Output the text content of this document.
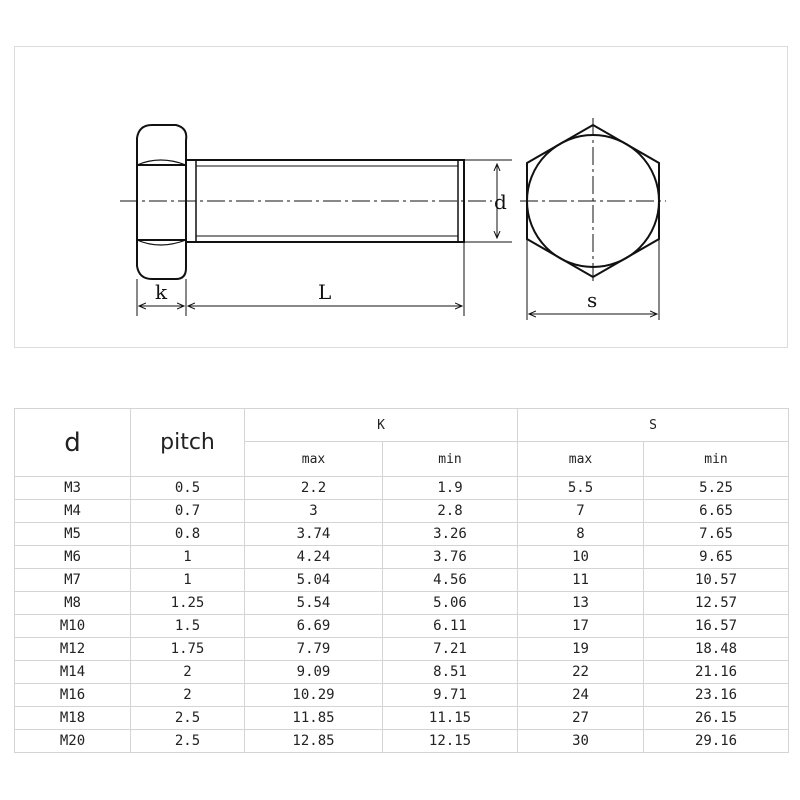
d
k	L	s
d	pitch	K		S	
		max	min	max	min
M3	0.5	2.2	1.9	5.5	5.25
M4	0.7	3	2.8	7	6.65
M5	0.8	3.74	3.26	8	7.65
M6	1	4.24	3.76	10	9.65
M7	1	5.04	4.56	11	10.57
M8	1.25	5.54	5.06	13	12.57
M10	1.5	6.69	6.11	17	16.57
M12	1.75	7.79	7.21	19	18.48
M14	2	9.09	8.51	22	21.16
M16	2	10.29	9.71	24	23.16
M18	2.5	11.85	11.15	27	26.15
M20	2.5	12.85	12.15	30	29.16
